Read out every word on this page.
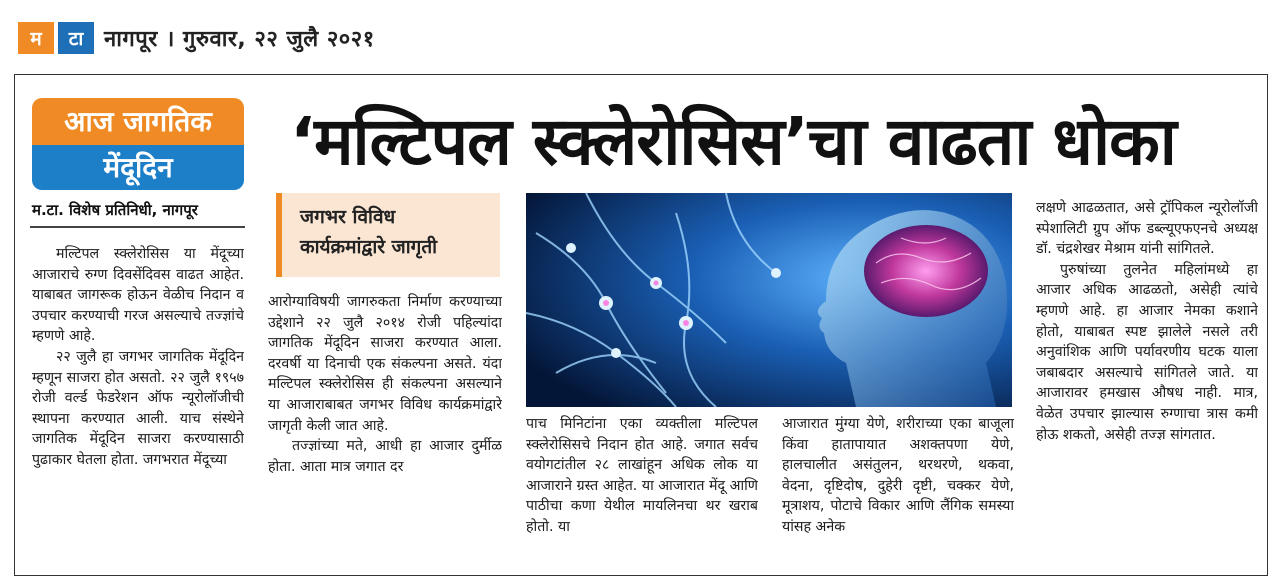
म	टा नागपूर । गुरुवार, २२ जुलै २०२१
आज जागतिक
मेंदूदिन	‘मल्टिपल स्क्लेरोसिस’चा वाढता धोका
म.टा. विशेष प्रतिनिधी, नागपूर

मल्टिपल स्क्लेरोसिस या मेंदूच्या आजाराचे रुग्ण दिवसेंदिवस वाढत आहेत. याबाबत जागरूक होऊन वेळीच निदान व उपचार करण्याची गरज असल्याचे तज्ज्ञांचे म्हणणे आहे.

२२ जुलै हा जगभर जागतिक मेंदूदिन म्हणून साजरा होत असतो. २२ जुलै १९५७ रोजी वर्ल्ड फेडरेशन ऑफ न्यूरोलॉजीची स्थापना करण्यात आली. याच संस्थेने जागतिक मेंदूदिन साजरा करण्यासाठी पुढाकार घेतला होता. जगभरात मेंदूच्या

जगभर विविध
कार्यक्रमांद्वारे जागृती

आरोग्याविषयी जागरुकता निर्माण करण्याच्या उद्देशाने २२ जुलै २०१४ रोजी पहिल्यांदा जागतिक मेंदूदिन साजरा करण्यात आला. दरवर्षी या दिनाची एक संकल्पना असते. यंदा मल्टिपल स्क्लेरोसिस ही संकल्पना असल्याने या आजाराबाबत जगभर विविध कार्यक्रमांद्वारे जागृती केली जात आहे.

तज्ज्ञांच्या मते, आधी हा आजार दुर्मीळ होता. आता मात्र जगात दर

पाच मिनिटांना एका व्यक्तीला मल्टिपल स्क्लेरोसिसचे निदान होत आहे. जगात सर्वच वयोगटांतील २८ लाखांहून अधिक लोक या आजाराने ग्रस्त आहेत. या आजारात मेंदू आणि पाठीचा कणा येथील मायलिनचा थर खराब होतो. या

आजारात मुंग्या येणे, शरीराच्या एका बाजूला किंवा हातापायात अशक्तपणा येणे, हालचालीत असंतुलन, थरथरणे, थकवा, वेदना, दृष्टिदोष, दुहेरी दृष्टी, चक्कर येणे, मूत्राशय, पोटाचे विकार आणि लैंगिक समस्या यांसह अनेक

लक्षणे आढळतात, असे ट्रॉपिकल न्यूरोलॉजी स्पेशालिटी ग्रुप ऑफ डब्ल्यूएफएनचे अध्यक्ष डॉ. चंद्रशेखर मेश्राम यांनी सांगितले.

पुरुषांच्या तुलनेत महिलांमध्ये हा आजार अधिक आढळतो, असेही त्यांचे म्हणणे आहे. हा आजार नेमका कशाने होतो, याबाबत स्पष्ट झालेले नसले तरी अनुवांशिक आणि पर्यावरणीय घटक याला जबाबदार असल्याचे सांगितले जाते. या आजारावर हमखास औषध नाही. मात्र, वेळेत उपचार झाल्यास रुग्णाचा त्रास कमी होऊ शकतो, असेही तज्ज्ञ सांगतात.
